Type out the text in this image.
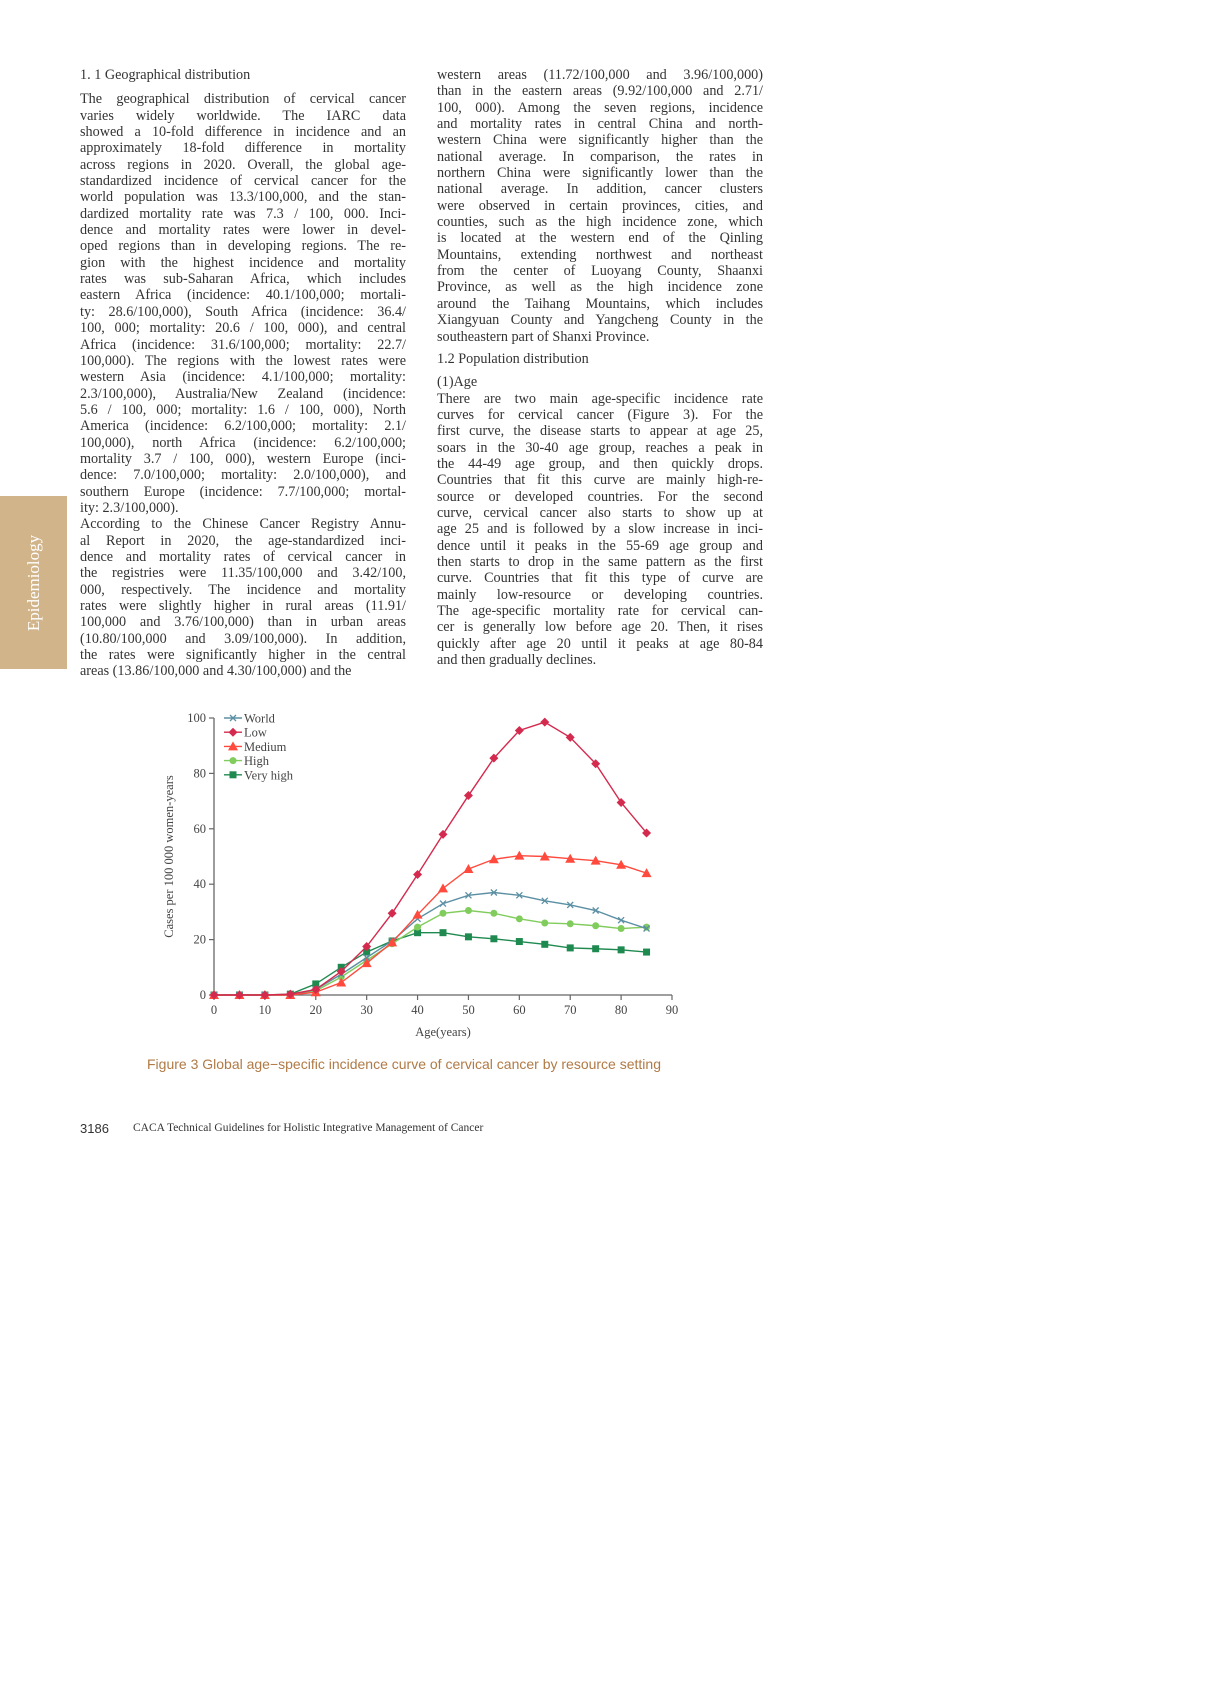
Epidemiology
1. 1 Geographical distribution
The geographical distribution of cervical cancer
varies widely worldwide. The IARC data
showed a 10-fold difference in incidence and an
approximately 18-fold difference in mortality
across regions in 2020. Overall, the global age-
standardized incidence of cervical cancer for the
world population was 13.3/100,000, and the stan-
dardized mortality rate was 7.3 / 100, 000. Inci-
dence and mortality rates were lower in devel-
oped regions than in developing regions. The re-
gion with the highest incidence and mortality
rates was sub-Saharan Africa, which includes
eastern Africa (incidence: 40.1/100,000; mortali-
ty: 28.6/100,000), South Africa (incidence: 36.4/
100, 000; mortality: 20.6 / 100, 000), and central
Africa (incidence: 31.6/100,000; mortality: 22.7/
100,000). The regions with the lowest rates were
western Asia (incidence: 4.1/100,000; mortality:
2.3/100,000), Australia/New Zealand (incidence:
5.6 / 100, 000; mortality: 1.6 / 100, 000), North
America (incidence: 6.2/100,000; mortality: 2.1/
100,000), north Africa (incidence: 6.2/100,000;
mortality 3.7 / 100, 000), western Europe (inci-
dence: 7.0/100,000; mortality: 2.0/100,000), and
southern Europe (incidence: 7.7/100,000; mortal-
ity: 2.3/100,000).
According to the Chinese Cancer Registry Annu-
al Report in 2020, the age-standardized inci-
dence and mortality rates of cervical cancer in
the registries were 11.35/100,000 and 3.42/100,
000, respectively. The incidence and mortality
rates were slightly higher in rural areas (11.91/
100,000 and 3.76/100,000) than in urban areas
(10.80/100,000 and 3.09/100,000). In addition,
the rates were significantly higher in the central
areas (13.86/100,000 and 4.30/100,000) and the
western areas (11.72/100,000 and 3.96/100,000)
than in the eastern areas (9.92/100,000 and 2.71/
100, 000). Among the seven regions, incidence
and mortality rates in central China and north-
western China were significantly higher than the
national average. In comparison, the rates in
northern China were significantly lower than the
national average. In addition, cancer clusters
were observed in certain provinces, cities, and
counties, such as the high incidence zone, which
is located at the western end of the Qinling
Mountains, extending northwest and northeast
from the center of Luoyang County, Shaanxi
Province, as well as the high incidence zone
around the Taihang Mountains, which includes
Xiangyuan County and Yangcheng County in the
southeastern part of Shanxi Province.
1.2 Population distribution
(1)Age
There are two main age-specific incidence rate
curves for cervical cancer (Figure 3). For the
first curve, the disease starts to appear at age 25,
soars in the 30-40 age group, reaches a peak in
the 44-49 age group, and then quickly drops.
Countries that fit this curve are mainly high-re-
source or developed countries. For the second
curve, cervical cancer also starts to show up at
age 25 and is followed by a slow increase in inci-
dence until it peaks in the 55-69 age group and
then starts to drop in the same pattern as the first
curve. Countries that fit this type of curve are
mainly low-resource or developing countries.
The age-specific mortality rate for cervical can-
cer is generally low before age 20. Then, it rises
quickly after age 20 until it peaks at age 80-84
and then gradually declines.
0
20
40
60
80
100
0	10	20	30	40	50	60	70	80	90
Age(years)
Cases per 100 000 women-years
World
Low
Medium
High
Very high
Figure 3 Global age−specific incidence curve of cervical cancer by resource setting
3186 CACA Technical Guidelines for Holistic Integrative Management of Cancer
